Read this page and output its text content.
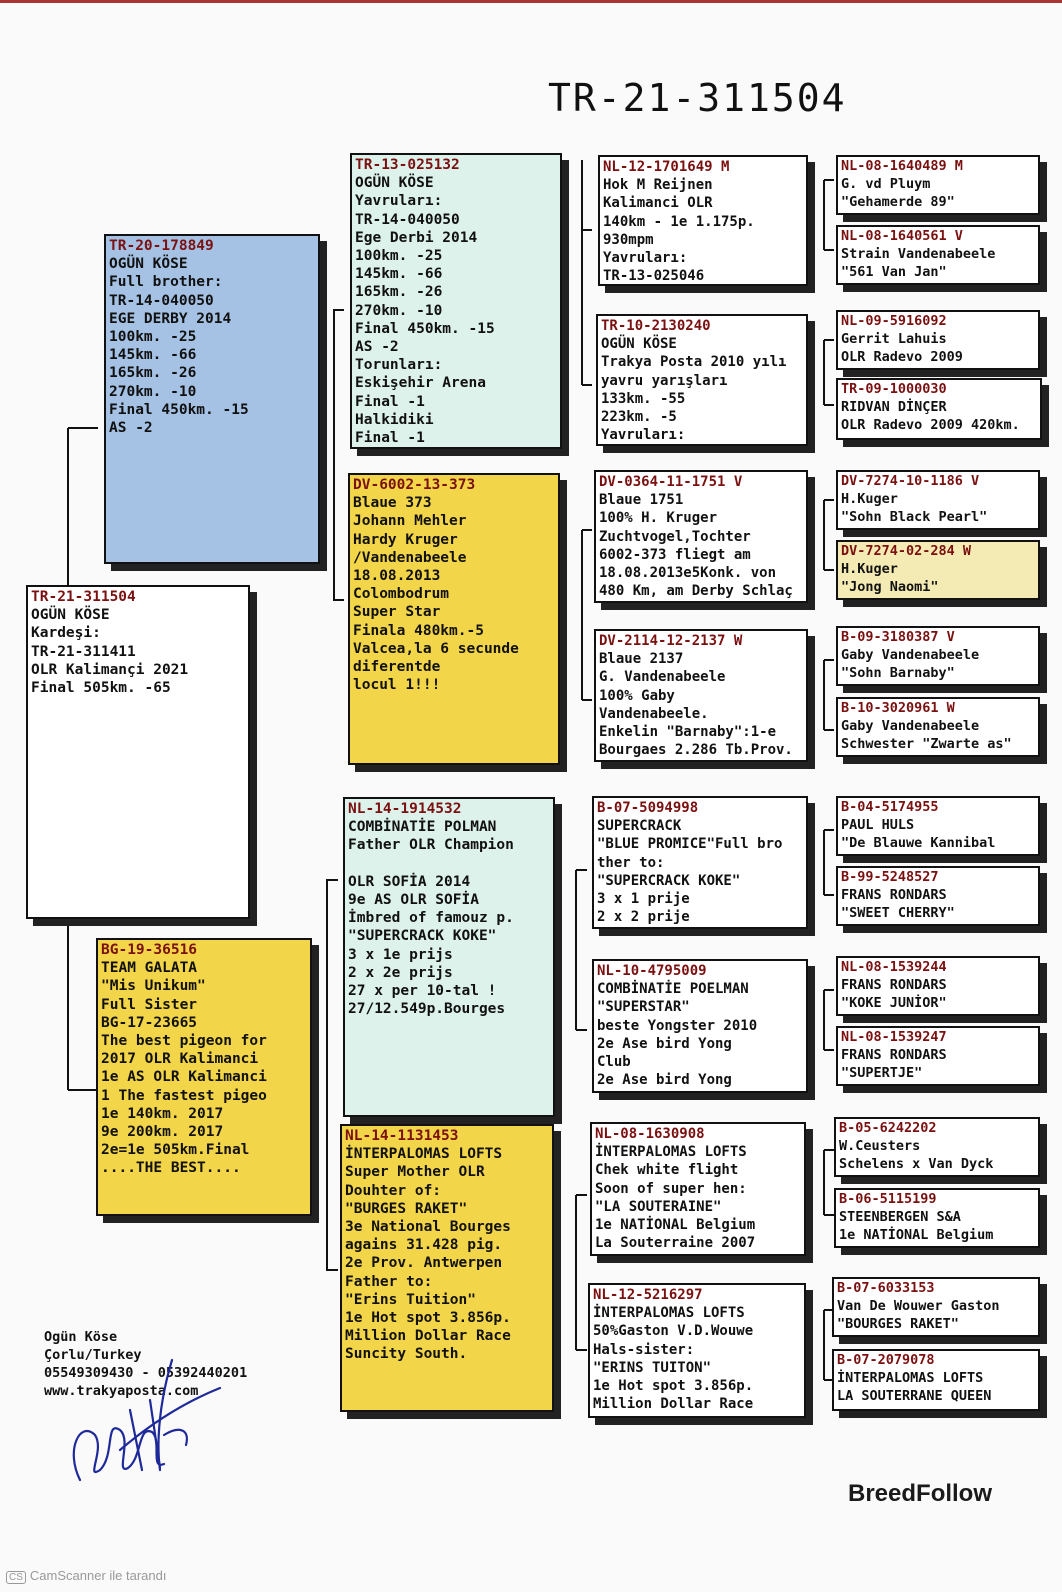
TR-21-311504
TR-21-311504
OGÜN KÖSE
Kardeşi:
TR-21-311411
OLR Kalimançi 2021
Final 505km. -65
TR-20-178849
OGÜN KÖSE
Full brother:
TR-14-040050
EGE DERBY 2014
100km. -25
145km. -66
165km. -26
270km. -10
Final 450km. -15
AS -2
BG-19-36516
TEAM GALATA
"Mis Unikum"
Full Sister
BG-17-23665
The best pigeon for
2017 OLR Kalimanci
1e AS OLR Kalimanci
1 The fastest pigeo
1e 140km. 2017
9e 200km. 2017
2e=1e 505km.Final
....THE BEST....
TR-13-025132
OGÜN KÖSE
Yavruları:
TR-14-040050
Ege Derbi 2014
100km. -25
145km. -66
165km. -26
270km. -10
Final 450km. -15
AS -2
Torunları:
Eskişehir Arena
Final -1
Halkidiki
Final -1
DV-6002-13-373
Blaue 373
Johann Mehler
Hardy Kruger
/Vandenabeele
18.08.2013
Colombodrum
Super Star
Finala 480km.-5
Valcea,la 6 secunde
diferentde
locul 1!!!
NL-14-1914532
COMBİNATİE POLMAN
Father OLR Champion

OLR SOFİA 2014
9e AS OLR SOFİA
İmbred of famouz p.
"SUPERCRACK KOKE"
3 x 1e prijs
2 x 2e prijs
27 x per 10-tal !
27/12.549p.Bourges
NL-14-1131453
İNTERPALOMAS LOFTS
Super Mother OLR
Douhter of:
"BURGES RAKET"
3e National Bourges
agains 31.428 pig.
2e Prov. Antwerpen
Father to:
"Erins Tuition"
1e Hot spot 3.856p.
Million Dollar Race
Suncity South.
NL-12-1701649 M
Hok M Reijnen
Kalimanci OLR
140km - 1e 1.175p.
930mpm
Yavruları:
TR-13-025046
TR-10-2130240
OGÜN KÖSE
Trakya Posta 2010 yılı
yavru yarışları
133km. -55
223km. -5
Yavruları:
DV-0364-11-1751 V
Blaue 1751
100% H. Kruger
Zuchtvogel,Tochter
6002-373 fliegt am
18.08.2013e5Konk. von
480 Km, am Derby Schlaç
DV-2114-12-2137 W
Blaue 2137
G. Vandenabeele
100% Gaby
Vandenabeele.
Enkelin "Barnaby":1-e
Bourgaes 2.286 Tb.Prov.
B-07-5094998
SUPERCRACK
"BLUE PROMICE"Full bro
ther to:
"SUPERCRACK KOKE"
3 x 1 prije
2 x 2 prije
NL-10-4795009
COMBİNATİE POELMAN
"SUPERSTAR"
beste Yongster 2010
2e Ase bird Yong
Club
2e Ase bird Yong
NL-08-1630908
İNTERPALOMAS LOFTS
Chek white flight
Soon of super hen:
"LA SOUTERAINE"
1e NATİONAL Belgium
La Souterraine 2007
NL-12-5216297
İNTERPALOMAS LOFTS
50%Gaston V.D.Wouwe
Hals-sister:
"ERINS TUITON"
1e Hot spot 3.856p.
Million Dollar Race
NL-08-1640489 M
G. vd Pluym
"Gehamerde 89"
NL-08-1640561 V
Strain Vandenabeele
"561 Van Jan"
NL-09-5916092
Gerrit Lahuis
OLR Radevo 2009
TR-09-1000030
RIDVAN DİNÇER
OLR Radevo 2009 420km.
DV-7274-10-1186 V
H.Kuger
"Sohn Black Pearl"
DV-7274-02-284 W
H.Kuger
"Jong Naomi"
B-09-3180387 V
Gaby Vandenabeele
"Sohn Barnaby"
B-10-3020961 W
Gaby Vandenabeele
Schwester "Zwarte as"
B-04-5174955
PAUL HULS
"De Blauwe Kannibal
B-99-5248527
FRANS RONDARS
"SWEET CHERRY"
NL-08-1539244
FRANS RONDARS
"KOKE JUNİOR"
NL-08-1539247
FRANS RONDARS
"SUPERTJE"
B-05-6242202
W.Ceusters
Schelens x Van Dyck
B-06-5115199
STEENBERGEN S&A
1e NATİONAL Belgium
B-07-6033153
Van De Wouwer Gaston
"BOURGES RAKET"
B-07-2079078
İNTERPALOMAS LOFTS
LA SOUTERRANE QUEEN
Ogün Köse
Çorlu/Turkey
05549309430 - 05392440201
www.trakyaposta.com
BreedFollow
CS CamScanner ile tarandı
